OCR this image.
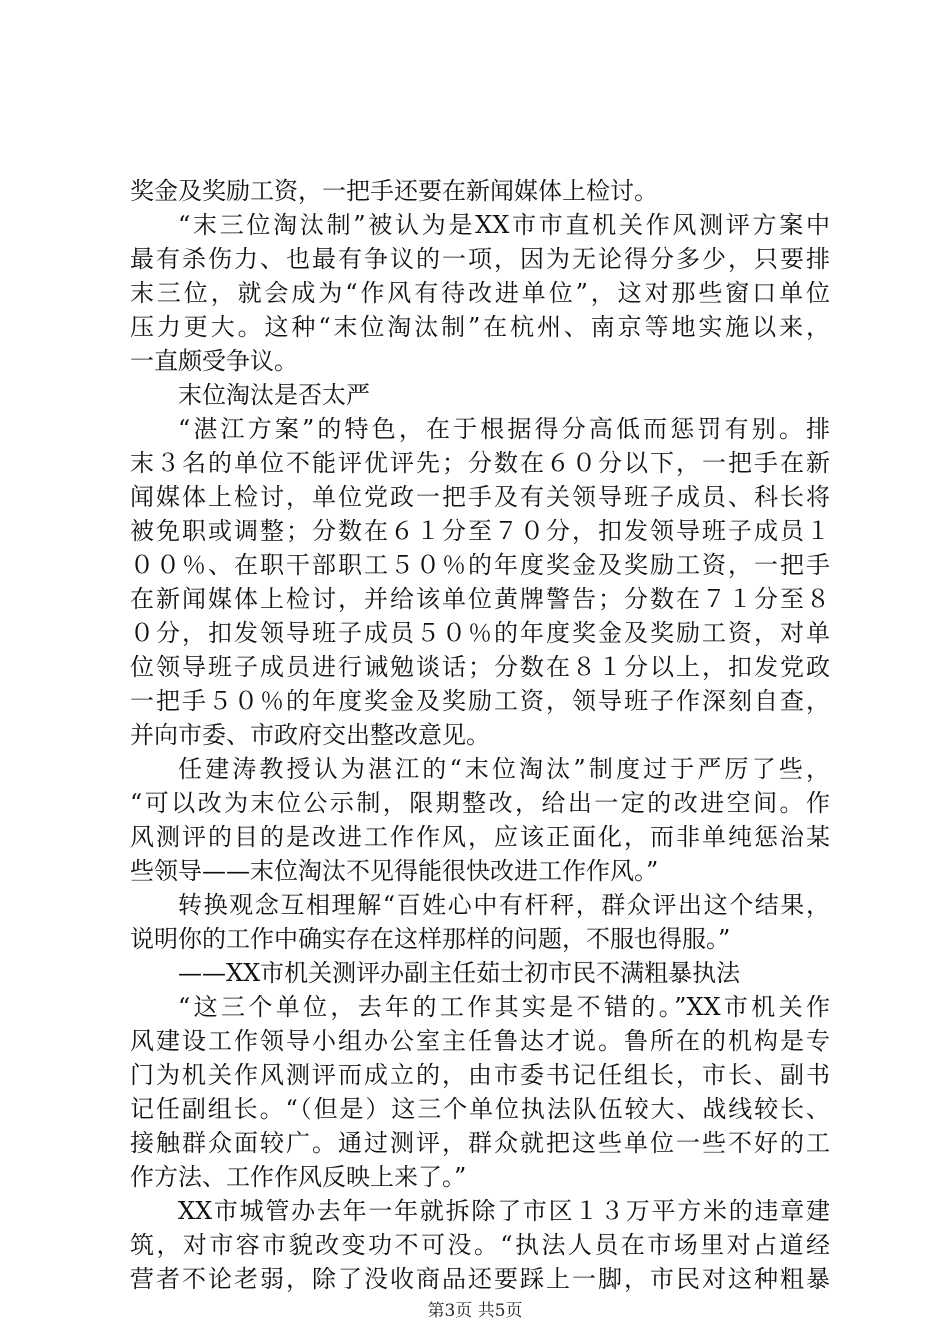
奖金及奖励工资，一把手还要在新闻媒体上检讨。
“末三位淘汰制”被认为是XX市市直机关作风测评方案中
最有杀伤力、也最有争议的一项，因为无论得分多少，只要排
末三位，就会成为“作风有待改进单位”，这对那些窗口单位
压力更大。这种“末位淘汰制”在杭州、南京等地实施以来，
一直颇受争议。
末位淘汰是否太严
“湛江方案”的特色，在于根据得分高低而惩罚有别。排
末３名的单位不能评优评先；分数在６０分以下，一把手在新
闻媒体上检讨，单位党政一把手及有关领导班子成员、科长将
被免职或调整；分数在６１分至７０分，扣发领导班子成员１
００％、在职干部职工５０％的年度奖金及奖励工资，一把手
在新闻媒体上检讨，并给该单位黄牌警告；分数在７１分至８
０分，扣发领导班子成员５０％的年度奖金及奖励工资，对单
位领导班子成员进行诫勉谈话；分数在８１分以上，扣发党政
一把手５０％的年度奖金及奖励工资，领导班子作深刻自查，
并向市委、市政府交出整改意见。
任建涛教授认为湛江的“末位淘汰”制度过于严厉了些，
“可以改为末位公示制，限期整改，给出一定的改进空间。作
风测评的目的是改进工作作风，应该正面化，而非单纯惩治某
些领导——末位淘汰不见得能很快改进工作作风。”
转换观念互相理解“百姓心中有杆秤，群众评出这个结果，
说明你的工作中确实存在这样那样的问题，不服也得服。”
——XX市机关测评办副主任茹士初市民不满粗暴执法
“这三个单位，去年的工作其实是不错的。”XX市机关作
风建设工作领导小组办公室主任鲁达才说。鲁所在的机构是专
门为机关作风测评而成立的，由市委书记任组长，市长、副书
记任副组长。“（但是）这三个单位执法队伍较大、战线较长、
接触群众面较广。通过测评，群众就把这些单位一些不好的工
作方法、工作作风反映上来了。”
XX市城管办去年一年就拆除了市区１３万平方米的违章建
筑，对市容市貌改变功不可没。“执法人员在市场里对占道经
营者不论老弱，除了没收商品还要踩上一脚，市民对这种粗暴
第3页 共5页
